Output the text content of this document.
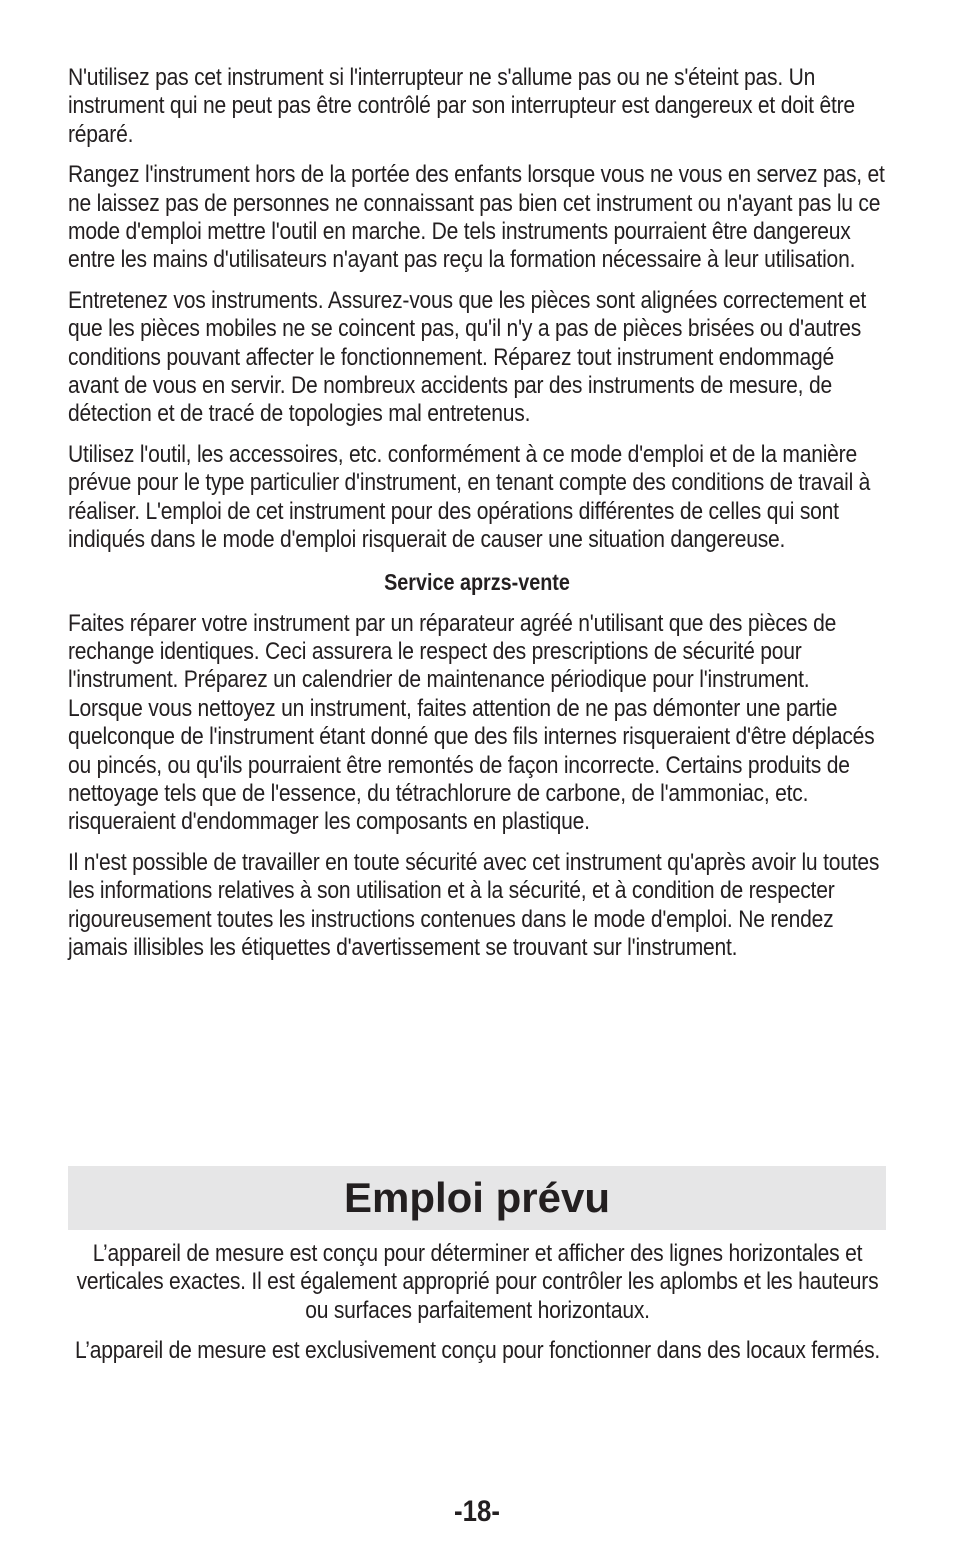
N'utilisez pas cet instrument si l'interrupteur ne s'allume pas ou ne s'éteint pas. Un instrument qui ne peut pas être contrôlé par son interrupteur est dangereux et doit être réparé.

Rangez l'instrument hors de la portée des enfants lorsque vous ne vous en servez pas, et ne laissez pas de personnes ne connaissant pas bien cet instrument ou n'ayant pas lu ce mode d'emploi mettre l'outil en marche. De tels instruments pourraient être dangereux entre les mains d'utilisateurs n'ayant pas reçu la formation nécessaire à leur utilisation.

Entretenez vos instruments. Assurez-vous que les pièces sont alignées correctement et que les pièces mobiles ne se coincent pas, qu'il n'y a pas de pièces brisées ou d'autres conditions pouvant affecter le fonctionnement. Réparez tout instrument endommagé avant de vous en servir. De nombreux accidents par des instruments de mesure, de détection et de tracé de topologies mal entretenus.

Utilisez l'outil, les accessoires, etc. conformément à ce mode d'emploi et de la manière prévue pour le type particulier d'instrument, en tenant compte des conditions de travail à réaliser. L'emploi de cet instrument pour des opérations différentes de celles qui sont indiqués dans le mode d'emploi risquerait de causer une situation dangereuse.

Service aprzs-vente

Faites réparer votre instrument par un réparateur agréé n'utilisant que des pièces de rechange identiques. Ceci assurera le respect des prescriptions de sécurité pour l'instrument. Préparez un calendrier de maintenance périodique pour l'instrument. Lorsque vous nettoyez un instrument, faites attention de ne pas démonter une partie quelconque de l'instrument étant donné que des fils internes risqueraient d'être déplacés ou pincés, ou qu'ils pourraient être remontés de façon incorrecte. Certains produits de nettoyage tels que de l'essence, du tétrachlorure de carbone, de l'ammoniac, etc. risqueraient d'endommager les composants en plastique.

Il n'est possible de travailler en toute sécurité avec cet instrument qu'après avoir lu toutes les informations relatives à son utilisation et à la sécurité, et à condition de respecter rigoureusement toutes les instructions contenues dans le mode d'emploi. Ne rendez jamais illisibles les étiquettes d'avertissement se trouvant sur l'instrument.

Emploi prévu

L’appareil de mesure est conçu pour déterminer et afficher des lignes horizontales et verticales exactes. Il est également approprié pour contrôler les aplombs et les hauteurs ou surfaces parfaitement horizontaux.

L’appareil de mesure est exclusivement conçu pour fonctionner dans des locaux fermés.

-18-
